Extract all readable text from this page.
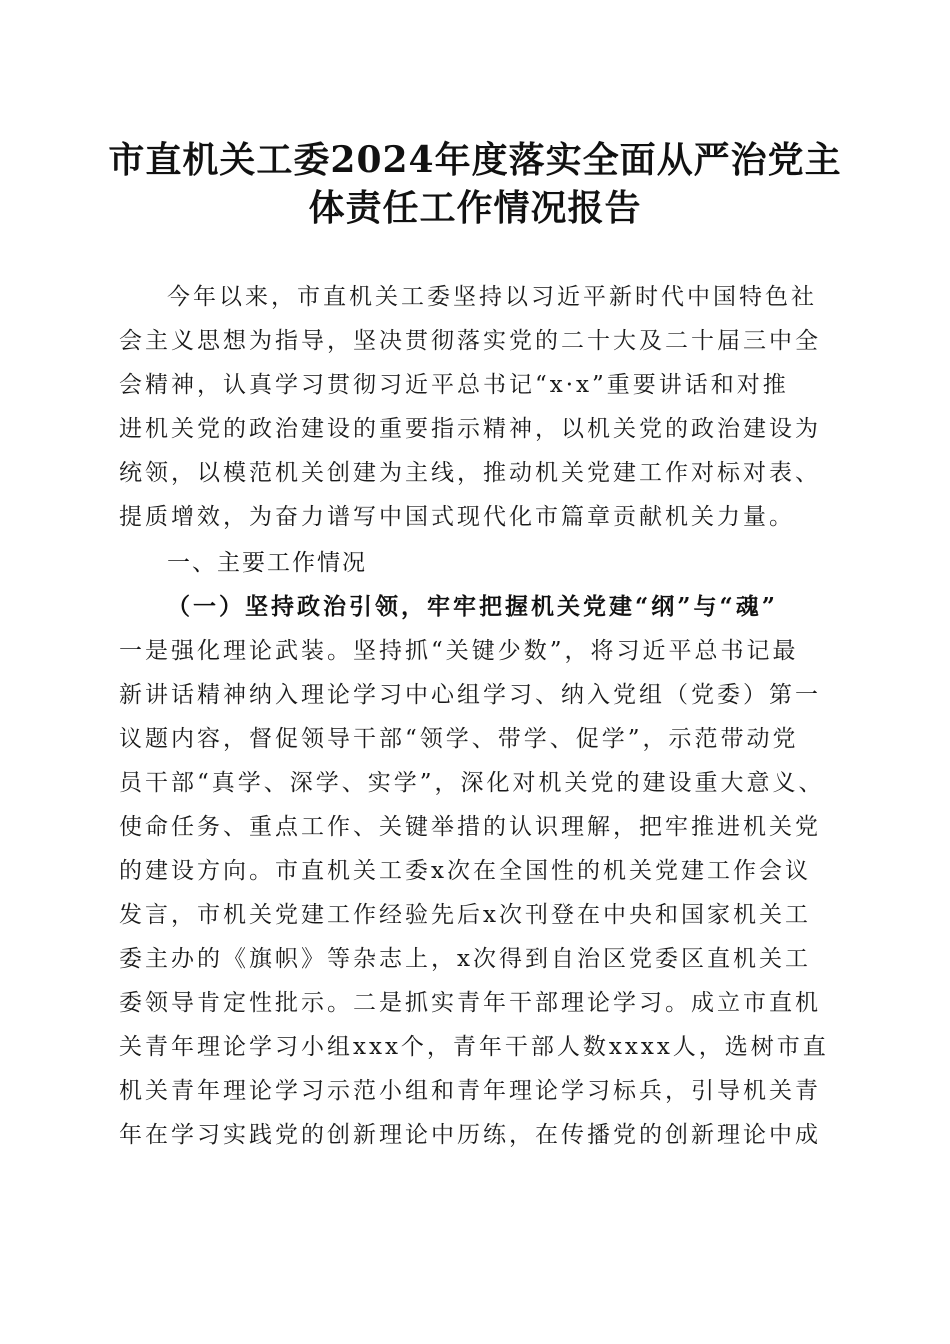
市直机关工委2024年度落实全面从严治党主
体责任工作情况报告
今年以来，市直机关工委坚持以习近平新时代中国特色社
会主义思想为指导，坚决贯彻落实党的二十大及二十届三中全
会精神，认真学习贯彻习近平总书记“x·x”重要讲话和对推
进机关党的政治建设的重要指示精神，以机关党的政治建设为
统领，以模范机关创建为主线，推动机关党建工作对标对表、
提质增效，为奋力谱写中国式现代化市篇章贡献机关力量。
一、主要工作情况
（一）坚持政治引领，牢牢把握机关党建“纲”与“魂”
一是强化理论武装。坚持抓“关键少数”，将习近平总书记最
新讲话精神纳入理论学习中心组学习、纳入党组（党委）第一
议题内容，督促领导干部“领学、带学、促学”，示范带动党
员干部“真学、深学、实学”，深化对机关党的建设重大意义、
使命任务、重点工作、关键举措的认识理解，把牢推进机关党
的建设方向。市直机关工委x次在全国性的机关党建工作会议
发言，市机关党建工作经验先后x次刊登在中央和国家机关工
委主办的《旗帜》等杂志上，x次得到自治区党委区直机关工
委领导肯定性批示。二是抓实青年干部理论学习。成立市直机
关青年理论学习小组xxx个，青年干部人数xxxx人，选树市直
机关青年理论学习示范小组和青年理论学习标兵，引导机关青
年在学习实践党的创新理论中历练，在传播党的创新理论中成
